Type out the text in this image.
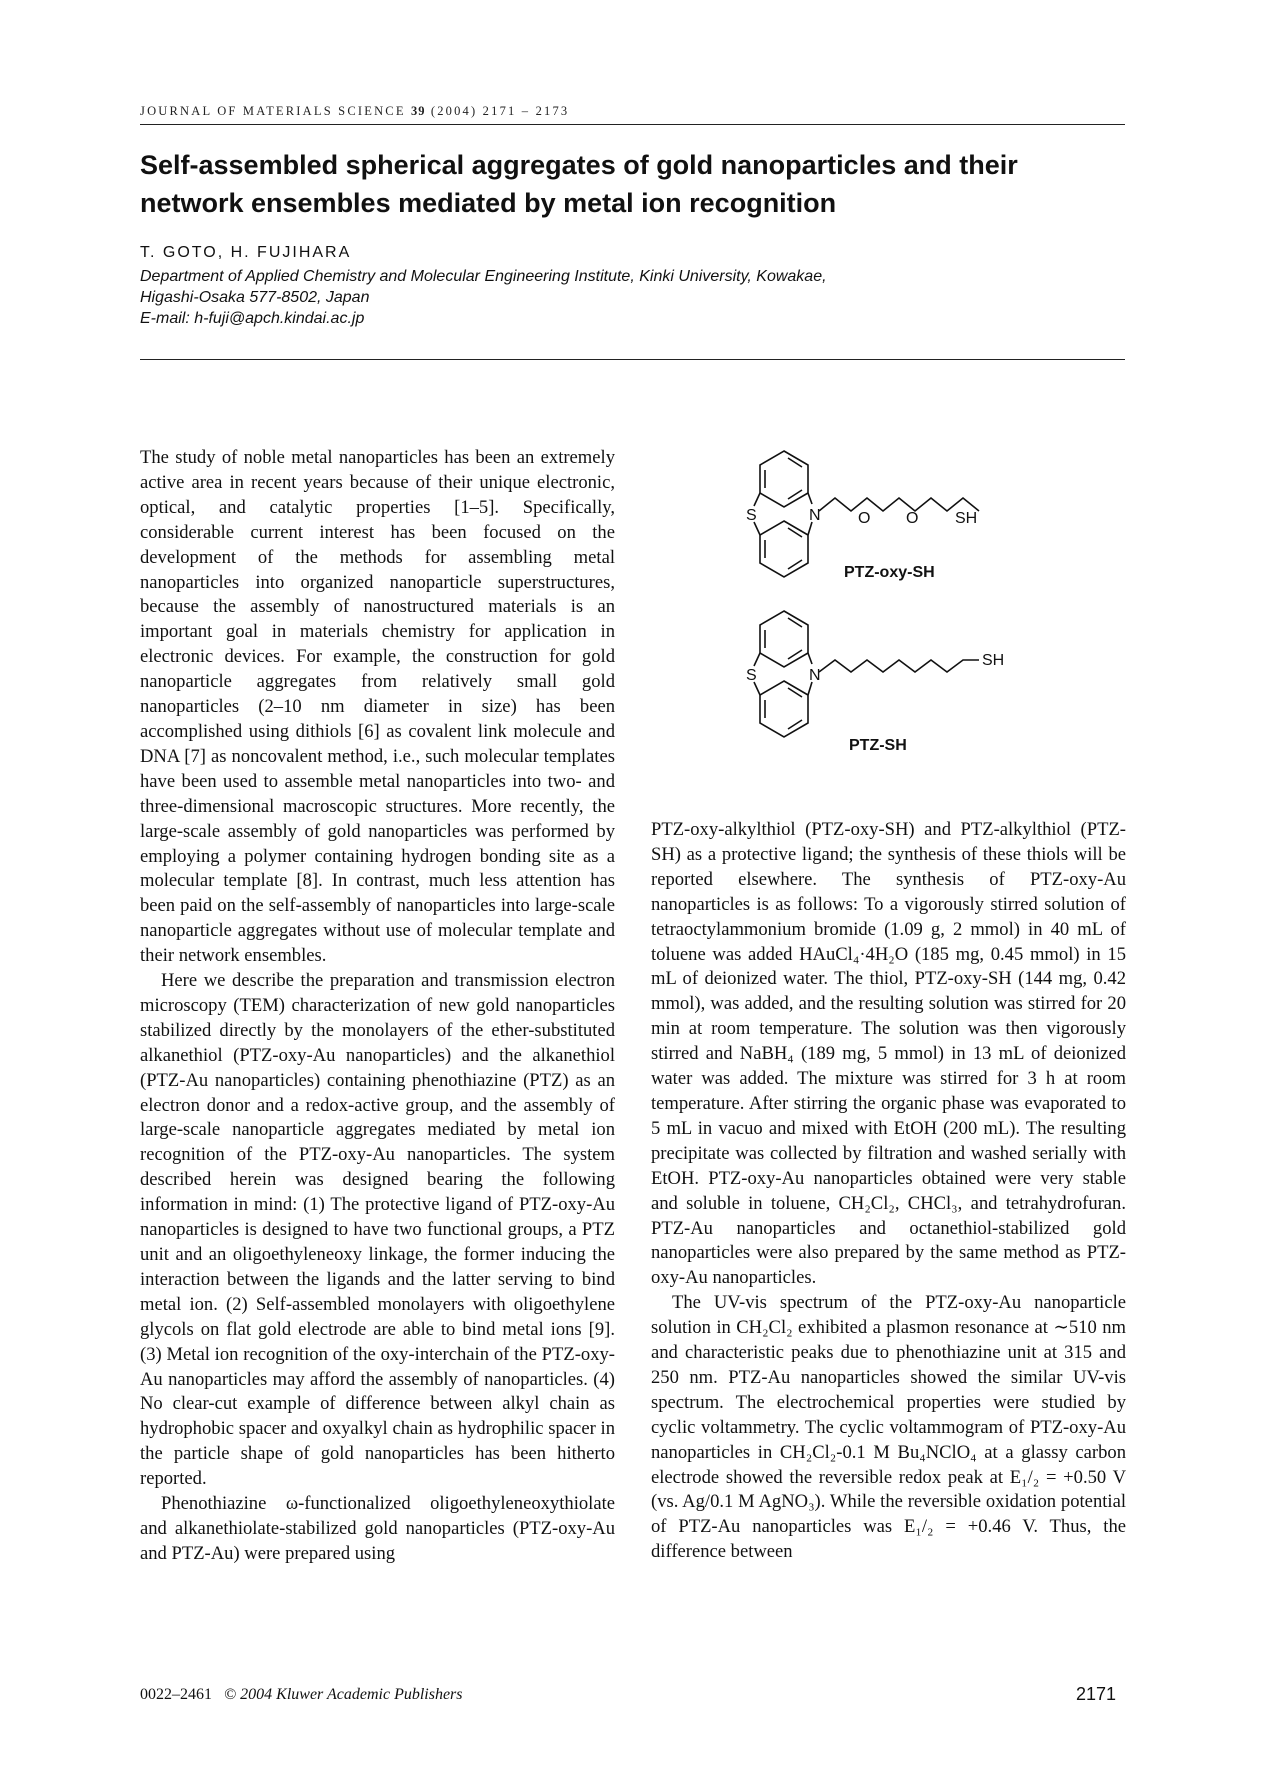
JOURNAL OF MATERIALS SCIENCE 39 (2004) 2171 – 2173
Self-assembled spherical aggregates of gold nanoparticles and their network ensembles mediated by metal ion recognition
T. GOTO, H. FUJIHARA
Department of Applied Chemistry and Molecular Engineering Institute, Kinki University, Kowakae,
Higashi-Osaka 577-8502, Japan
E-mail: h-fuji@apch.kindai.ac.jp

The study of noble metal nanoparticles has been an extremely active area in recent years because of their unique electronic, optical, and catalytic properties [1–5]. Specifically, considerable current interest has been focused on the development of the methods for assembling metal nanoparticles into organized nanoparticle superstructures, because the assembly of nanostructured materials is an important goal in materials chemistry for application in electronic devices. For example, the construction for gold nanoparticle aggregates from relatively small gold nanoparticles (2–10 nm diameter in size) has been accomplished using dithiols [6] as covalent link molecule and DNA [7] as noncovalent method, i.e., such molecular templates have been used to assemble metal nanoparticles into two- and three-dimensional macroscopic structures. More recently, the large-scale assembly of gold nanoparticles was performed by employing a polymer containing hydrogen bonding site as a molecular template [8]. In contrast, much less attention has been paid on the self-assembly of nanoparticles into large-scale nanoparticle aggregates without use of molecular template and their network ensembles.

Here we describe the preparation and transmission electron microscopy (TEM) characterization of new gold nanoparticles stabilized directly by the monolayers of the ether-substituted alkanethiol (PTZ-oxy-Au nanoparticles) and the alkanethiol (PTZ-Au nanoparticles) containing phenothiazine (PTZ) as an electron donor and a redox-active group, and the assembly of large-scale nanoparticle aggregates mediated by metal ion recognition of the PTZ-oxy-Au nanoparticles. The system described herein was designed bearing the following information in mind: (1) The protective ligand of PTZ-oxy-Au nanoparticles is designed to have two functional groups, a PTZ unit and an oligoethyleneoxy linkage, the former inducing the interaction between the ligands and the latter serving to bind metal ion. (2) Self-assembled monolayers with oligoethylene glycols on flat gold electrode are able to bind metal ions [9]. (3) Metal ion recognition of the oxy-interchain of the PTZ-oxy-Au nanoparticles may afford the assembly of nanoparticles. (4) No clear-cut example of difference between alkyl chain as hydrophobic spacer and oxyalkyl chain as hydrophilic spacer in the particle shape of gold nanoparticles has been hitherto reported.

Phenothiazine ω-functionalized oligoethyleneoxythiolate and alkanethiolate-stabilized gold nanoparticles (PTZ-oxy-Au and PTZ-Au) were prepared using

S	N O O SH
PTZ-oxy-SH
S	N
SH
PTZ-SH

PTZ-oxy-alkylthiol (PTZ-oxy-SH) and PTZ-alkylthiol (PTZ-SH) as a protective ligand; the synthesis of these thiols will be reported elsewhere. The synthesis of PTZ-oxy-Au nanoparticles is as follows: To a vigorously stirred solution of tetraoctylammonium bromide (1.09 g, 2 mmol) in 40 mL of toluene was added HAuCl₄·4H₂O (185 mg, 0.45 mmol) in 15 mL of deionized water. The thiol, PTZ-oxy-SH (144 mg, 0.42 mmol), was added, and the resulting solution was stirred for 20 min at room temperature. The solution was then vigorously stirred and NaBH₄ (189 mg, 5 mmol) in 13 mL of deionized water was added. The mixture was stirred for 3 h at room temperature. After stirring the organic phase was evaporated to 5 mL in vacuo and mixed with EtOH (200 mL). The resulting precipitate was collected by filtration and washed serially with EtOH. PTZ-oxy-Au nanoparticles obtained were very stable and soluble in toluene, CH₂Cl₂, CHCl₃, and tetrahydrofuran. PTZ-Au nanoparticles and octanethiol-stabilized gold nanoparticles were also prepared by the same method as PTZ-oxy-Au nanoparticles.

The UV-vis spectrum of the PTZ-oxy-Au nanoparticle solution in CH₂Cl₂ exhibited a plasmon resonance at ∼510 nm and characteristic peaks due to phenothiazine unit at 315 and 250 nm. PTZ-Au nanoparticles showed the similar UV-vis spectrum. The electrochemical properties were studied by cyclic voltammetry. The cyclic voltammogram of PTZ-oxy-Au nanoparticles in CH₂Cl₂-0.1 M Bu₄NClO₄ at a glassy carbon electrode showed the reversible redox peak at E₁/₂ = +0.50 V (vs. Ag/0.1 M AgNO₃). While the reversible oxidation potential of PTZ-Au nanoparticles was E₁/₂ = +0.46 V. Thus, the difference between

0022–2461 © 2004 Kluwer Academic Publishers	2171
